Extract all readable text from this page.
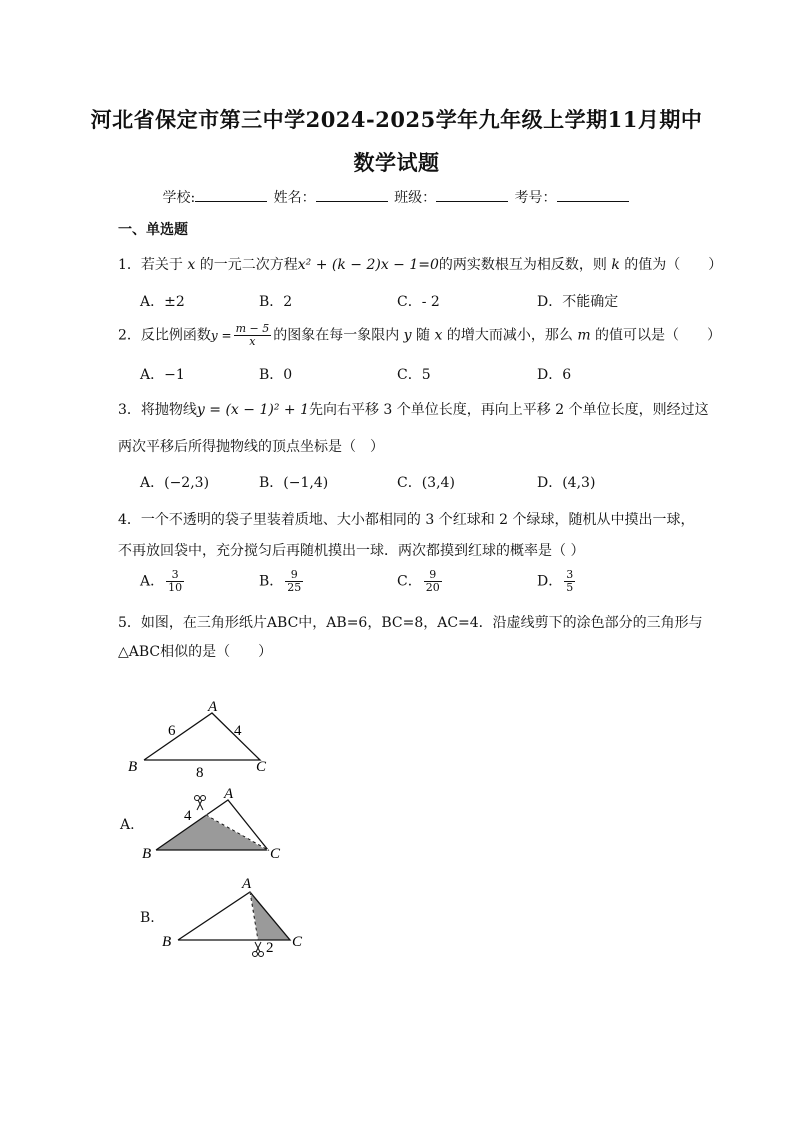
河北省保定市第三中学2024-2025学年九年级上学期11月期中
数学试题
学校:	姓名：	班级：	考号：
一、单选题
1．若关于 x 的一元二次方程x² + (k − 2)x − 1=0的两实数根互为相反数，则 k 的值为（　　）
A．±2	B．2	C．- 2	D．不能确定
2．反比例函数$y = \frac{m - 5}{x}$ 的图象在每一象限内 y 随 x 的增大而减小，那么 m 的值可以是（　　）
A．−1	B．0	C．5	D．6
3．将抛物线y = (x − 1)² + 1先向右平移 3 个单位长度，再向上平移 2 个单位长度，则经过这
两次平移后所得抛物线的顶点坐标是（　）
A．(−2,3)	B．(−1,4)	C．(3,4)	D．(4,3)
4．一个不透明的袋子里装着质地、大小都相同的 3 个红球和 2 个绿球，随机从中摸出一球，
不再放回袋中，充分搅匀后再随机摸出一球．两次都摸到红球的概率是（ ）
A． $\frac{3}{10}$	B． $\frac{9}{25}$	C． $\frac{9}{20}$	D． $\frac{3}{5}$
5．如图，在三角形纸片ABC中，AB=6，BC=8，AC=4．沿虚线剪下的涂色部分的三角形与
△ABC相似的是（　　）
A
B	C
6	4
8
A.
A
B	C
4
B.
A
B	C
2
